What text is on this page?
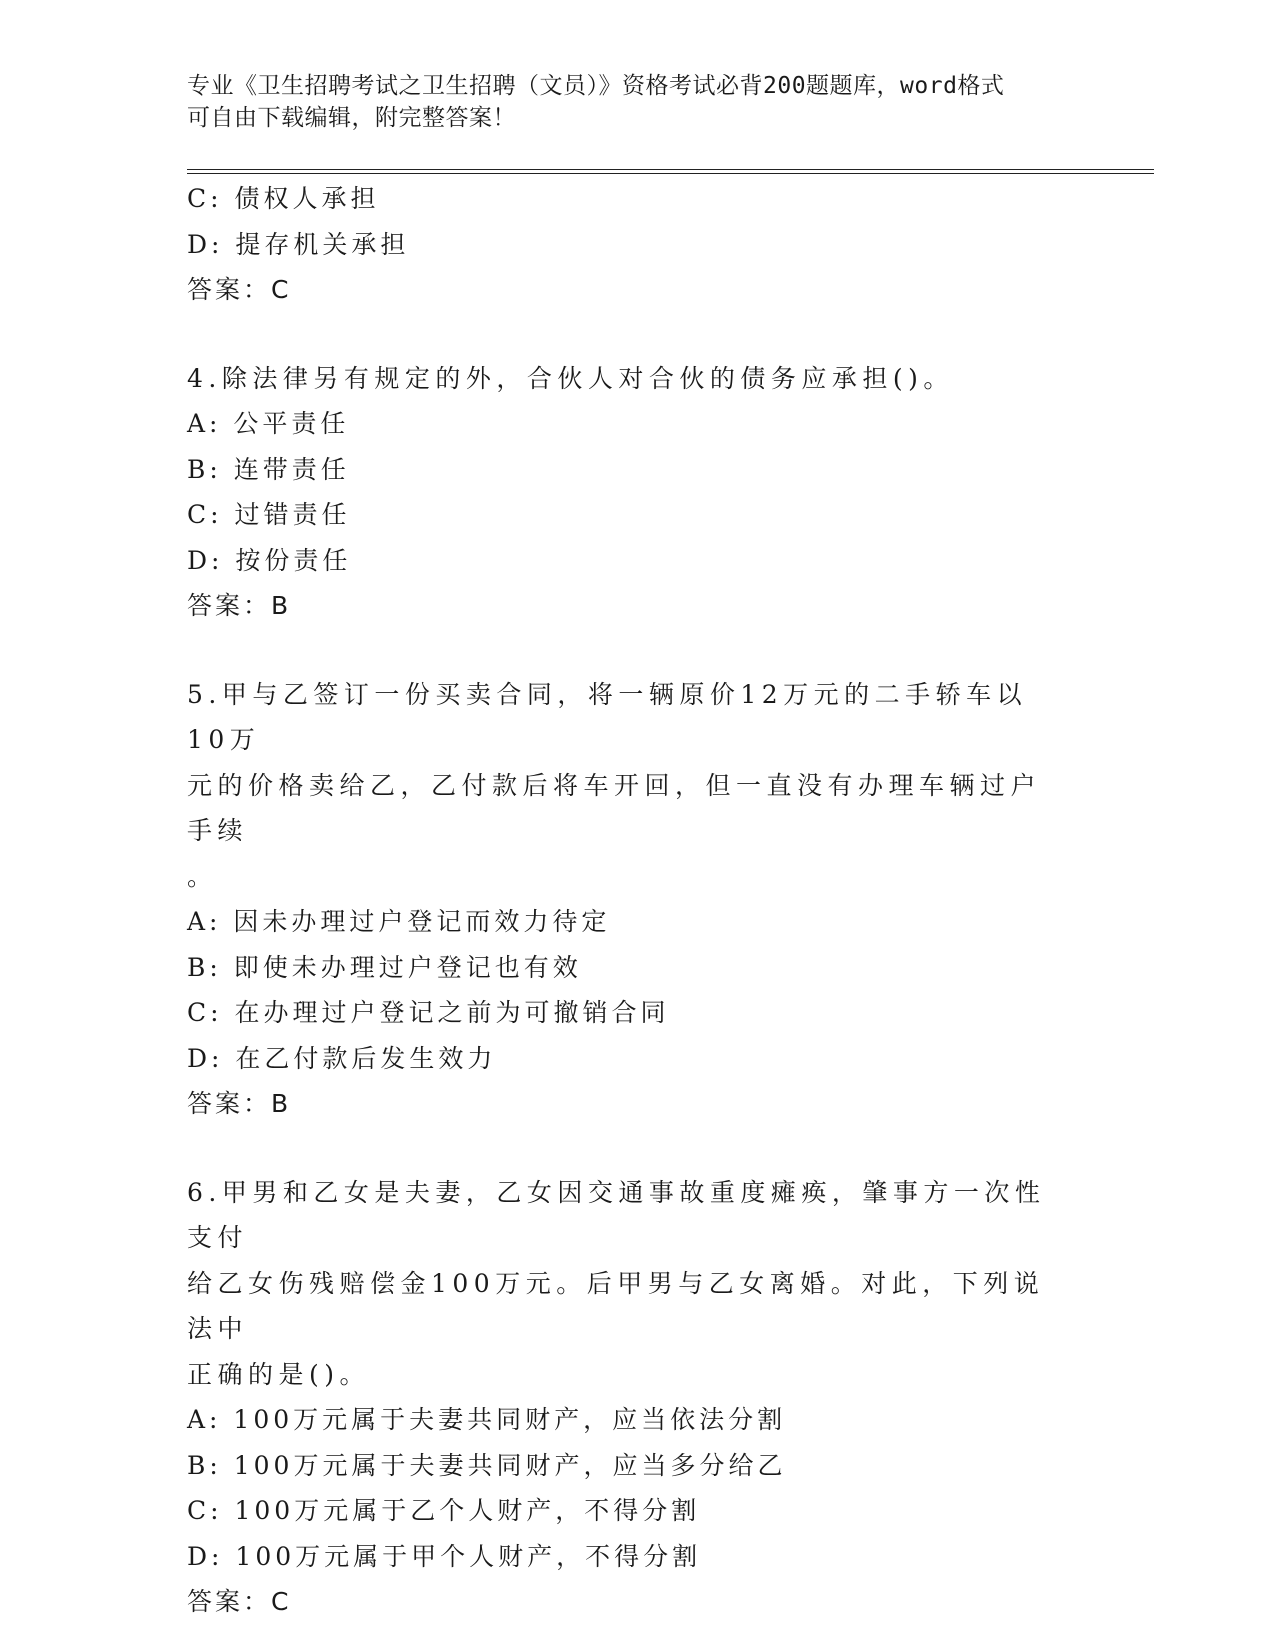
专业《卫生招聘考试之卫生招聘（文员）》资格考试必背200题题库，word格式
可自由下载编辑，附完整答案！
C: 债权人承担
D: 提存机关承担
答案：C
4.除法律另有规定的外，合伙人对合伙的债务应承担()。
A: 公平责任
B: 连带责任
C: 过错责任
D: 按份责任
答案：B
5.甲与乙签订一份买卖合同，将一辆原价12万元的二手轿车以10万
元的价格卖给乙，乙付款后将车开回，但一直没有办理车辆过户手续
。
A: 因未办理过户登记而效力待定
B: 即使未办理过户登记也有效
C: 在办理过户登记之前为可撤销合同
D: 在乙付款后发生效力
答案：B
6.甲男和乙女是夫妻，乙女因交通事故重度瘫痪，肇事方一次性支付
给乙女伤残赔偿金100万元。后甲男与乙女离婚。对此，下列说法中
正确的是()。
A: 100万元属于夫妻共同财产，应当依法分割
B: 100万元属于夫妻共同财产，应当多分给乙
C: 100万元属于乙个人财产，不得分割
D: 100万元属于甲个人财产，不得分割
答案：C
